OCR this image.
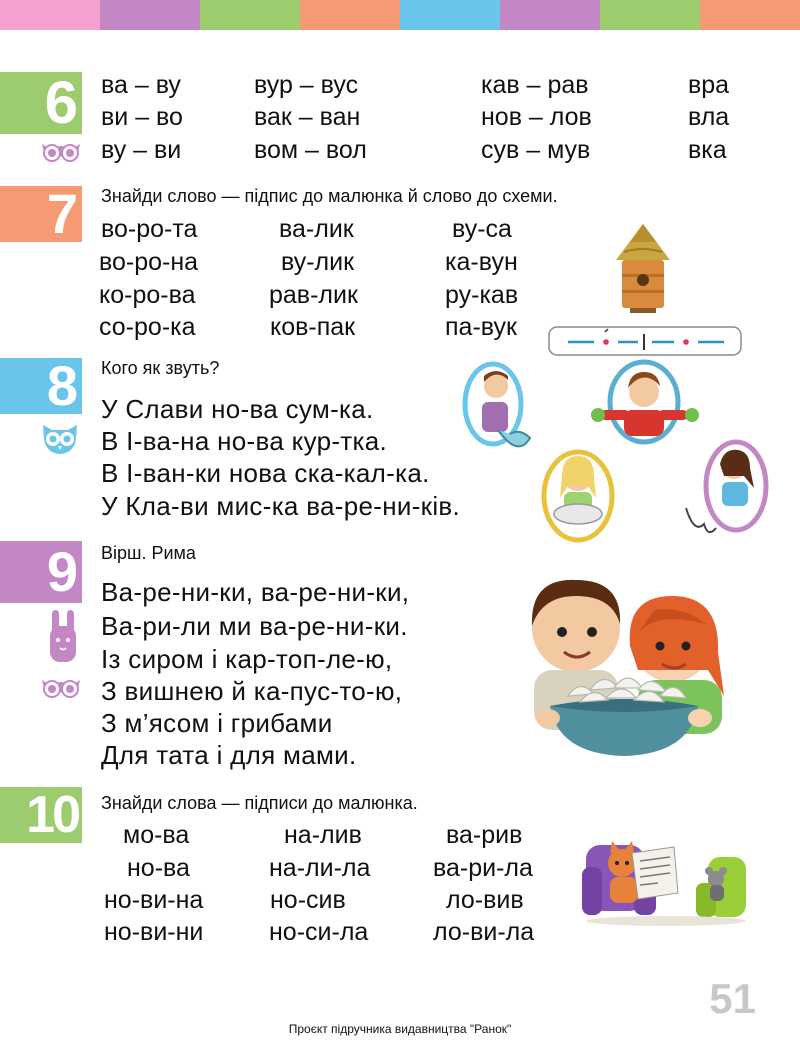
6 ва – ву	вур – вус	кав – рав	вра
ви – во	вак – ван	нов – лов	вла
ву – ви	вом – вол	сув – мув	вка
7 Знайди слово — підпис до малюнка й слово до схеми.
во-ро-та	ва-лик	ву-са
во-ро-на	ву-лик	ка-вун
ко-ро-ва	рав-лик	ру-кав
со-ро-ка	ков-пак	па-вук
8 Кого як звуть?
У Слави но-ва сум-ка.
В І-ва-на но-ва кур-тка.
В І-ван-ки нова ска-кал-ка.
У Кла-ви мис-ка ва-ре-ни-ків.
9 Вірш. Рима
Ва-ре-ни-ки, ва-ре-ни-ки,
Ва-ри-ли ми ва-ре-ни-ки.
Із сиром і кар-топ-ле-ю,
З вишнею й ка-пус-то-ю,
З м’ясом і грибами
Для тата і для мами.
10 Знайди слова — підписи до малюнка.
мо-ва	на-лив	ва-рив
но-ва	на-ли-ла	ва-ри-ла
но-ви-на	но-сив	ло-вив
но-ви-ни	но-си-ла	ло-ви-ла
51
Проєкт підручника видавництва "Ранок"
